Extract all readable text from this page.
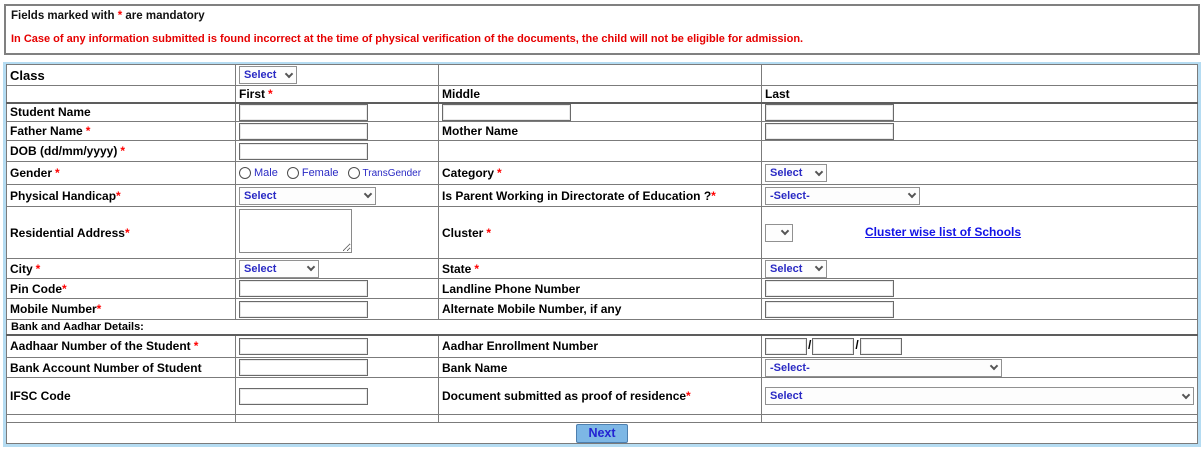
Fields marked with * are mandatory
In Case of any information submitted is found incorrect at the time of physical verification of the documents, the child will not be eligible for admission.
Class	Select		

	First *	Middle	Last
Student Name			
Father Name *		Mother Name	
DOB (dd/mm/yyyy) *			
Gender *	Male Female TransGender	Category *	Select

Physical Handicap*	Select	Is Parent Working in Directorate of Education ?*	-Select-

Residential Address*		Cluster *	Cluster wise list of Schools
City *	Select	State *	Select

Pin Code*		Landline Phone Number	
Mobile Number*		Alternate Mobile Number, if any	
Bank and Aadhar Details:			
Aadhaar Number of the Student *		Aadhar Enrollment Number	/ /
Bank Account Number of Student		Bank Name	-Select-

IFSC Code		Document submitted as proof of residence*	Select

Next			
